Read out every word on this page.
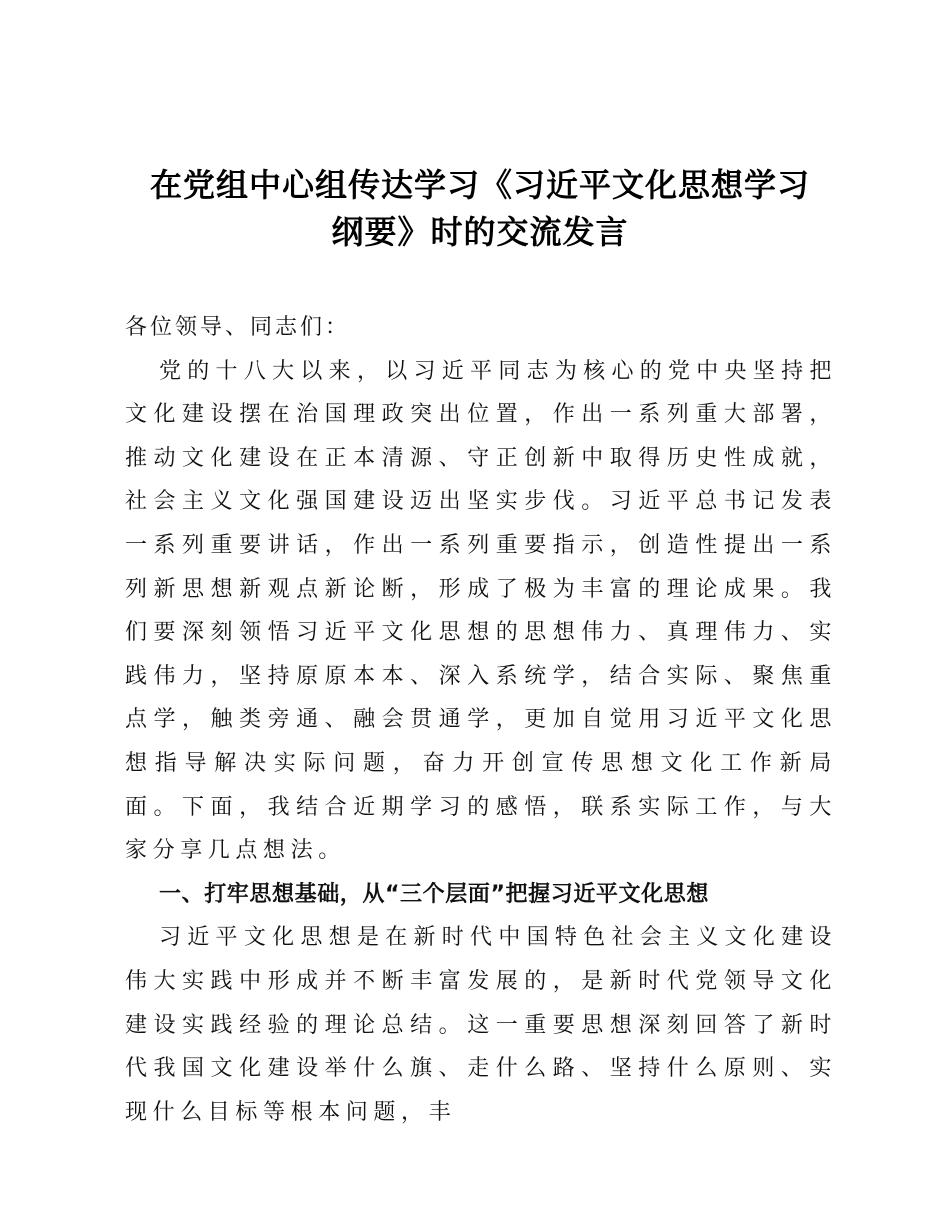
在党组中心组传达学习《习近平文化思想学习
纲要》时的交流发言

各位领导、同志们：

党的十八大以来，以习近平同志为核心的党中央坚持把文化建设摆在治国理政突出位置，作出一系列重大部署，推动文化建设在正本清源、守正创新中取得历史性成就，社会主义文化强国建设迈出坚实步伐。习近平总书记发表一系列重要讲话，作出一系列重要指示，创造性提出一系列新思想新观点新论断，形成了极为丰富的理论成果。我们要深刻领悟习近平文化思想的思想伟力、真理伟力、实践伟力，坚持原原本本、深入系统学，结合实际、聚焦重点学，触类旁通、融会贯通学，更加自觉用习近平文化思想指导解决实际问题，奋力开创宣传思想文化工作新局面。下面，我结合近期学习的感悟，联系实际工作，与大家分享几点想法。

一、打牢思想基础，从“三个层面”把握习近平文化思想

习近平文化思想是在新时代中国特色社会主义文化建设伟大实践中形成并不断丰富发展的，是新时代党领导文化建设实践经验的理论总结。这一重要思想深刻回答了新时代我国文化建设举什么旗、走什么路、坚持什么原则、实现什么目标等根本问题，丰
